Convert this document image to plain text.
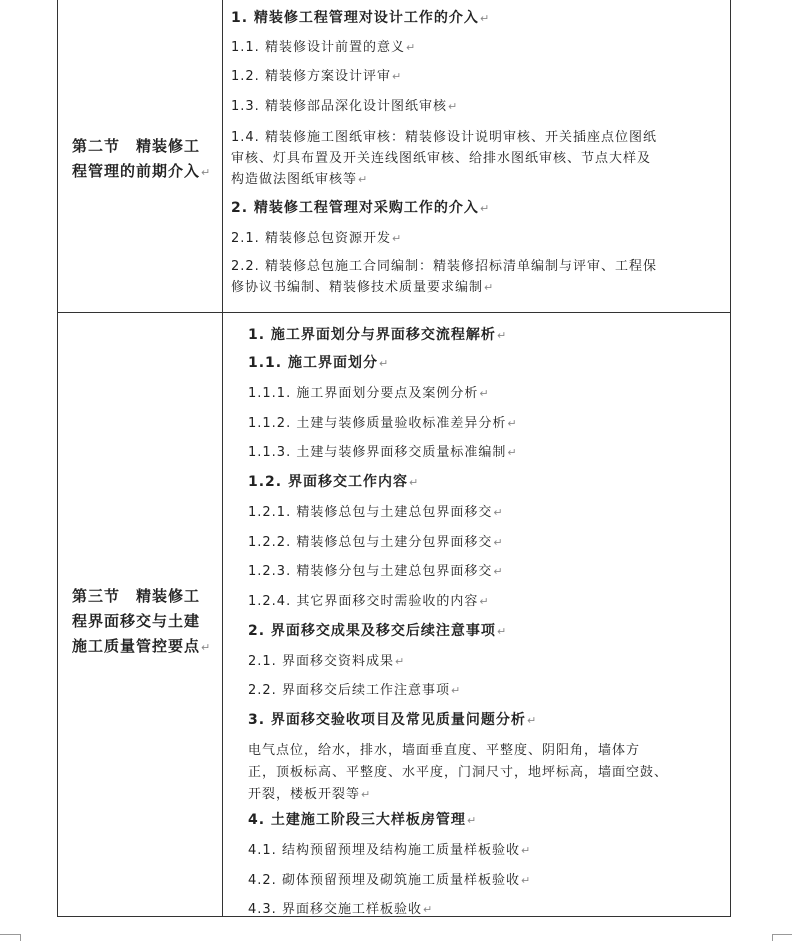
第二节　精装修工
程管理的前期介入↵
1. 精装修工程管理对设计工作的介入↵
1.1. 精装修设计前置的意义↵
1.2. 精装修方案设计评审↵
1.3. 精装修部品深化设计图纸审核↵
1.4. 精装修施工图纸审核：精装修设计说明审核、开关插座点位图纸
审核、灯具布置及开关连线图纸审核、给排水图纸审核、节点大样及
构造做法图纸审核等↵
2. 精装修工程管理对采购工作的介入↵
2.1. 精装修总包资源开发↵
2.2. 精装修总包施工合同编制：精装修招标清单编制与评审、工程保
修协议书编制、精装修技术质量要求编制↵
第三节　精装修工
程界面移交与土建
施工质量管控要点↵
1. 施工界面划分与界面移交流程解析↵
1.1. 施工界面划分↵
1.1.1. 施工界面划分要点及案例分析↵
1.1.2. 土建与装修质量验收标准差异分析↵
1.1.3. 土建与装修界面移交质量标准编制↵
1.2. 界面移交工作内容↵
1.2.1. 精装修总包与土建总包界面移交↵
1.2.2. 精装修总包与土建分包界面移交↵
1.2.3. 精装修分包与土建总包界面移交↵
1.2.4. 其它界面移交时需验收的内容↵
2. 界面移交成果及移交后续注意事项↵
2.1. 界面移交资料成果↵
2.2. 界面移交后续工作注意事项↵
3. 界面移交验收项目及常见质量问题分析↵
电气点位，给水，排水，墙面垂直度、平整度、阴阳角，墙体方
正，顶板标高、平整度、水平度，门洞尺寸，地坪标高，墙面空鼓、
开裂，楼板开裂等↵
4. 土建施工阶段三大样板房管理↵
4.1. 结构预留预埋及结构施工质量样板验收↵
4.2. 砌体预留预埋及砌筑施工质量样板验收↵
4.3. 界面移交施工样板验收↵
